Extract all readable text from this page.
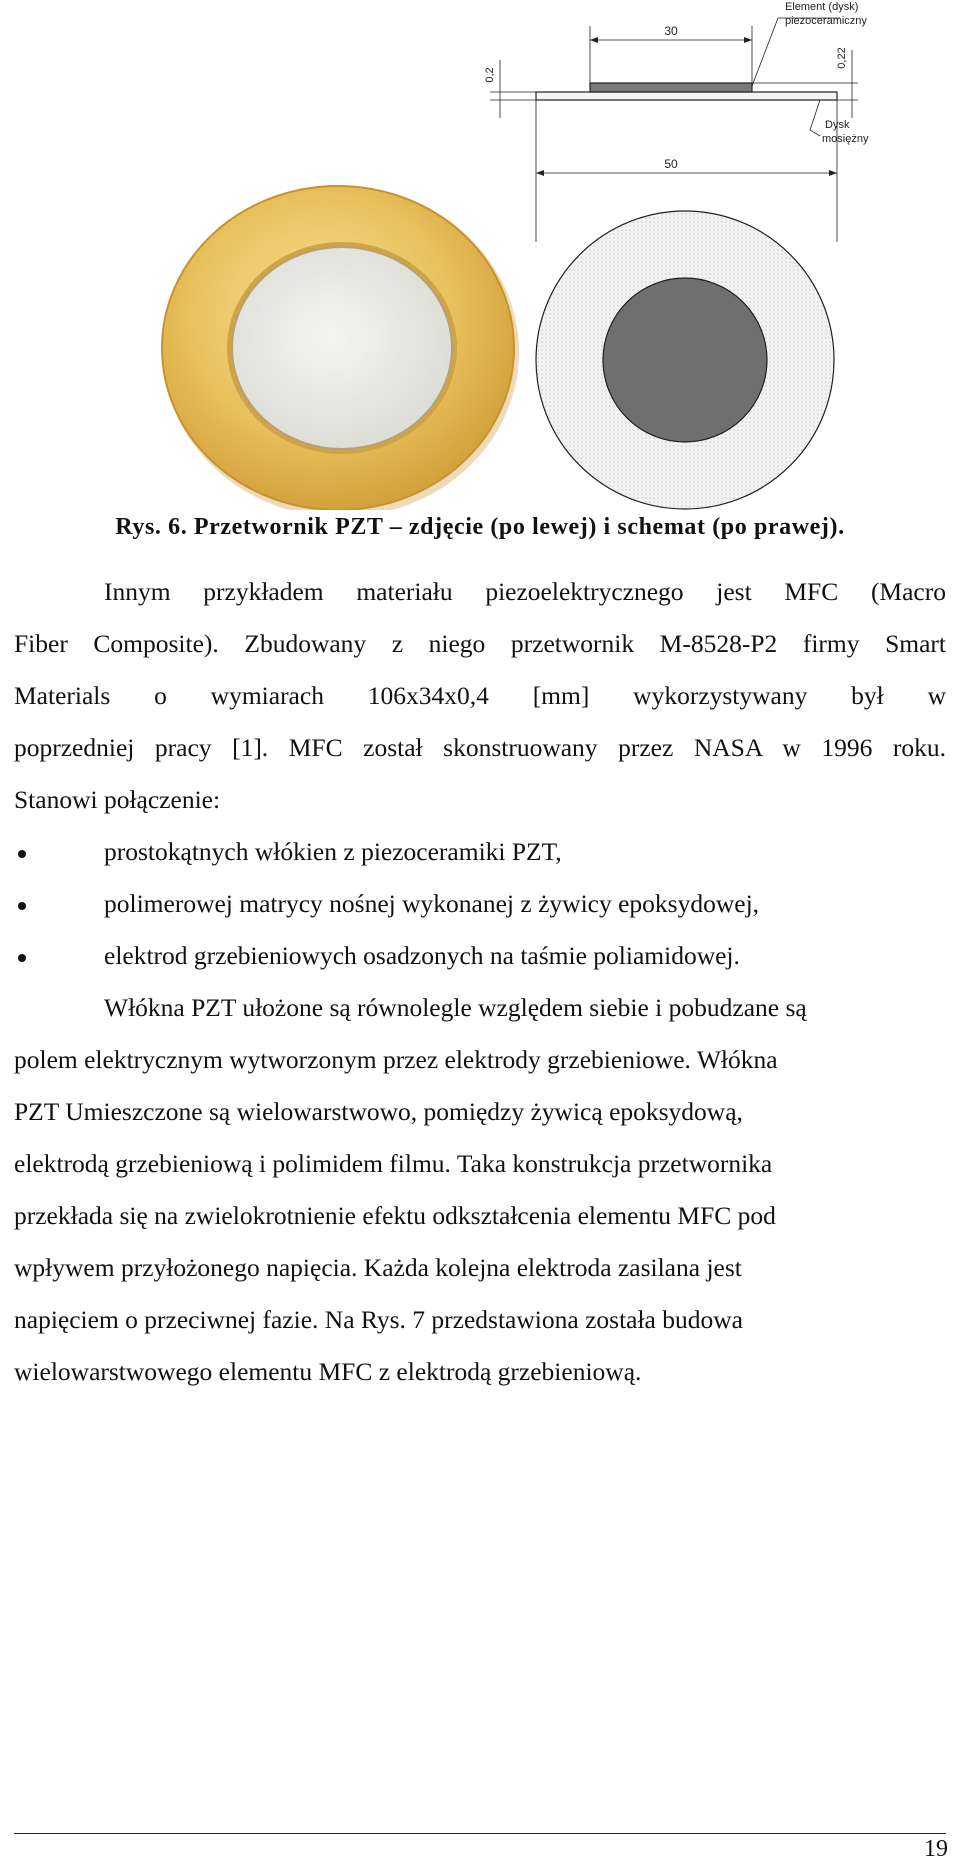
30
50
0,2
0,22
Element (dysk)
piezoceramiczny
Dysk
mosiężny
Rys. 6. Przetwornik PZT – zdjęcie (po lewej) i schemat (po prawej).
Innym przykładem materiału piezoelektrycznego jest MFC (Macro
Fiber Composite). Zbudowany z niego przetwornik M-8528-P2 firmy Smart
Materials o wymiarach 106x34x0,4 [mm] wykorzystywany był w
poprzedniej pracy [1]. MFC został skonstruowany przez NASA w 1996 roku.
Stanowi połączenie:
prostokątnych włókien z piezoceramiki PZT,
polimerowej matrycy nośnej wykonanej z żywicy epoksydowej,
elektrod grzebieniowych osadzonych na taśmie poliamidowej.
Włókna PZT ułożone są równolegle względem siebie i pobudzane są
polem elektrycznym wytworzonym przez elektrody grzebieniowe. Włókna
PZT Umieszczone są wielowarstwowo, pomiędzy żywicą epoksydową,
elektrodą grzebieniową i polimidem filmu. Taka konstrukcja przetwornika
przekłada się na zwielokrotnienie efektu odkształcenia elementu MFC pod
wpływem przyłożonego napięcia. Każda kolejna elektroda zasilana jest
napięciem o przeciwnej fazie. Na Rys. 7 przedstawiona została budowa
wielowarstwowego elementu MFC z elektrodą grzebieniową.
19
